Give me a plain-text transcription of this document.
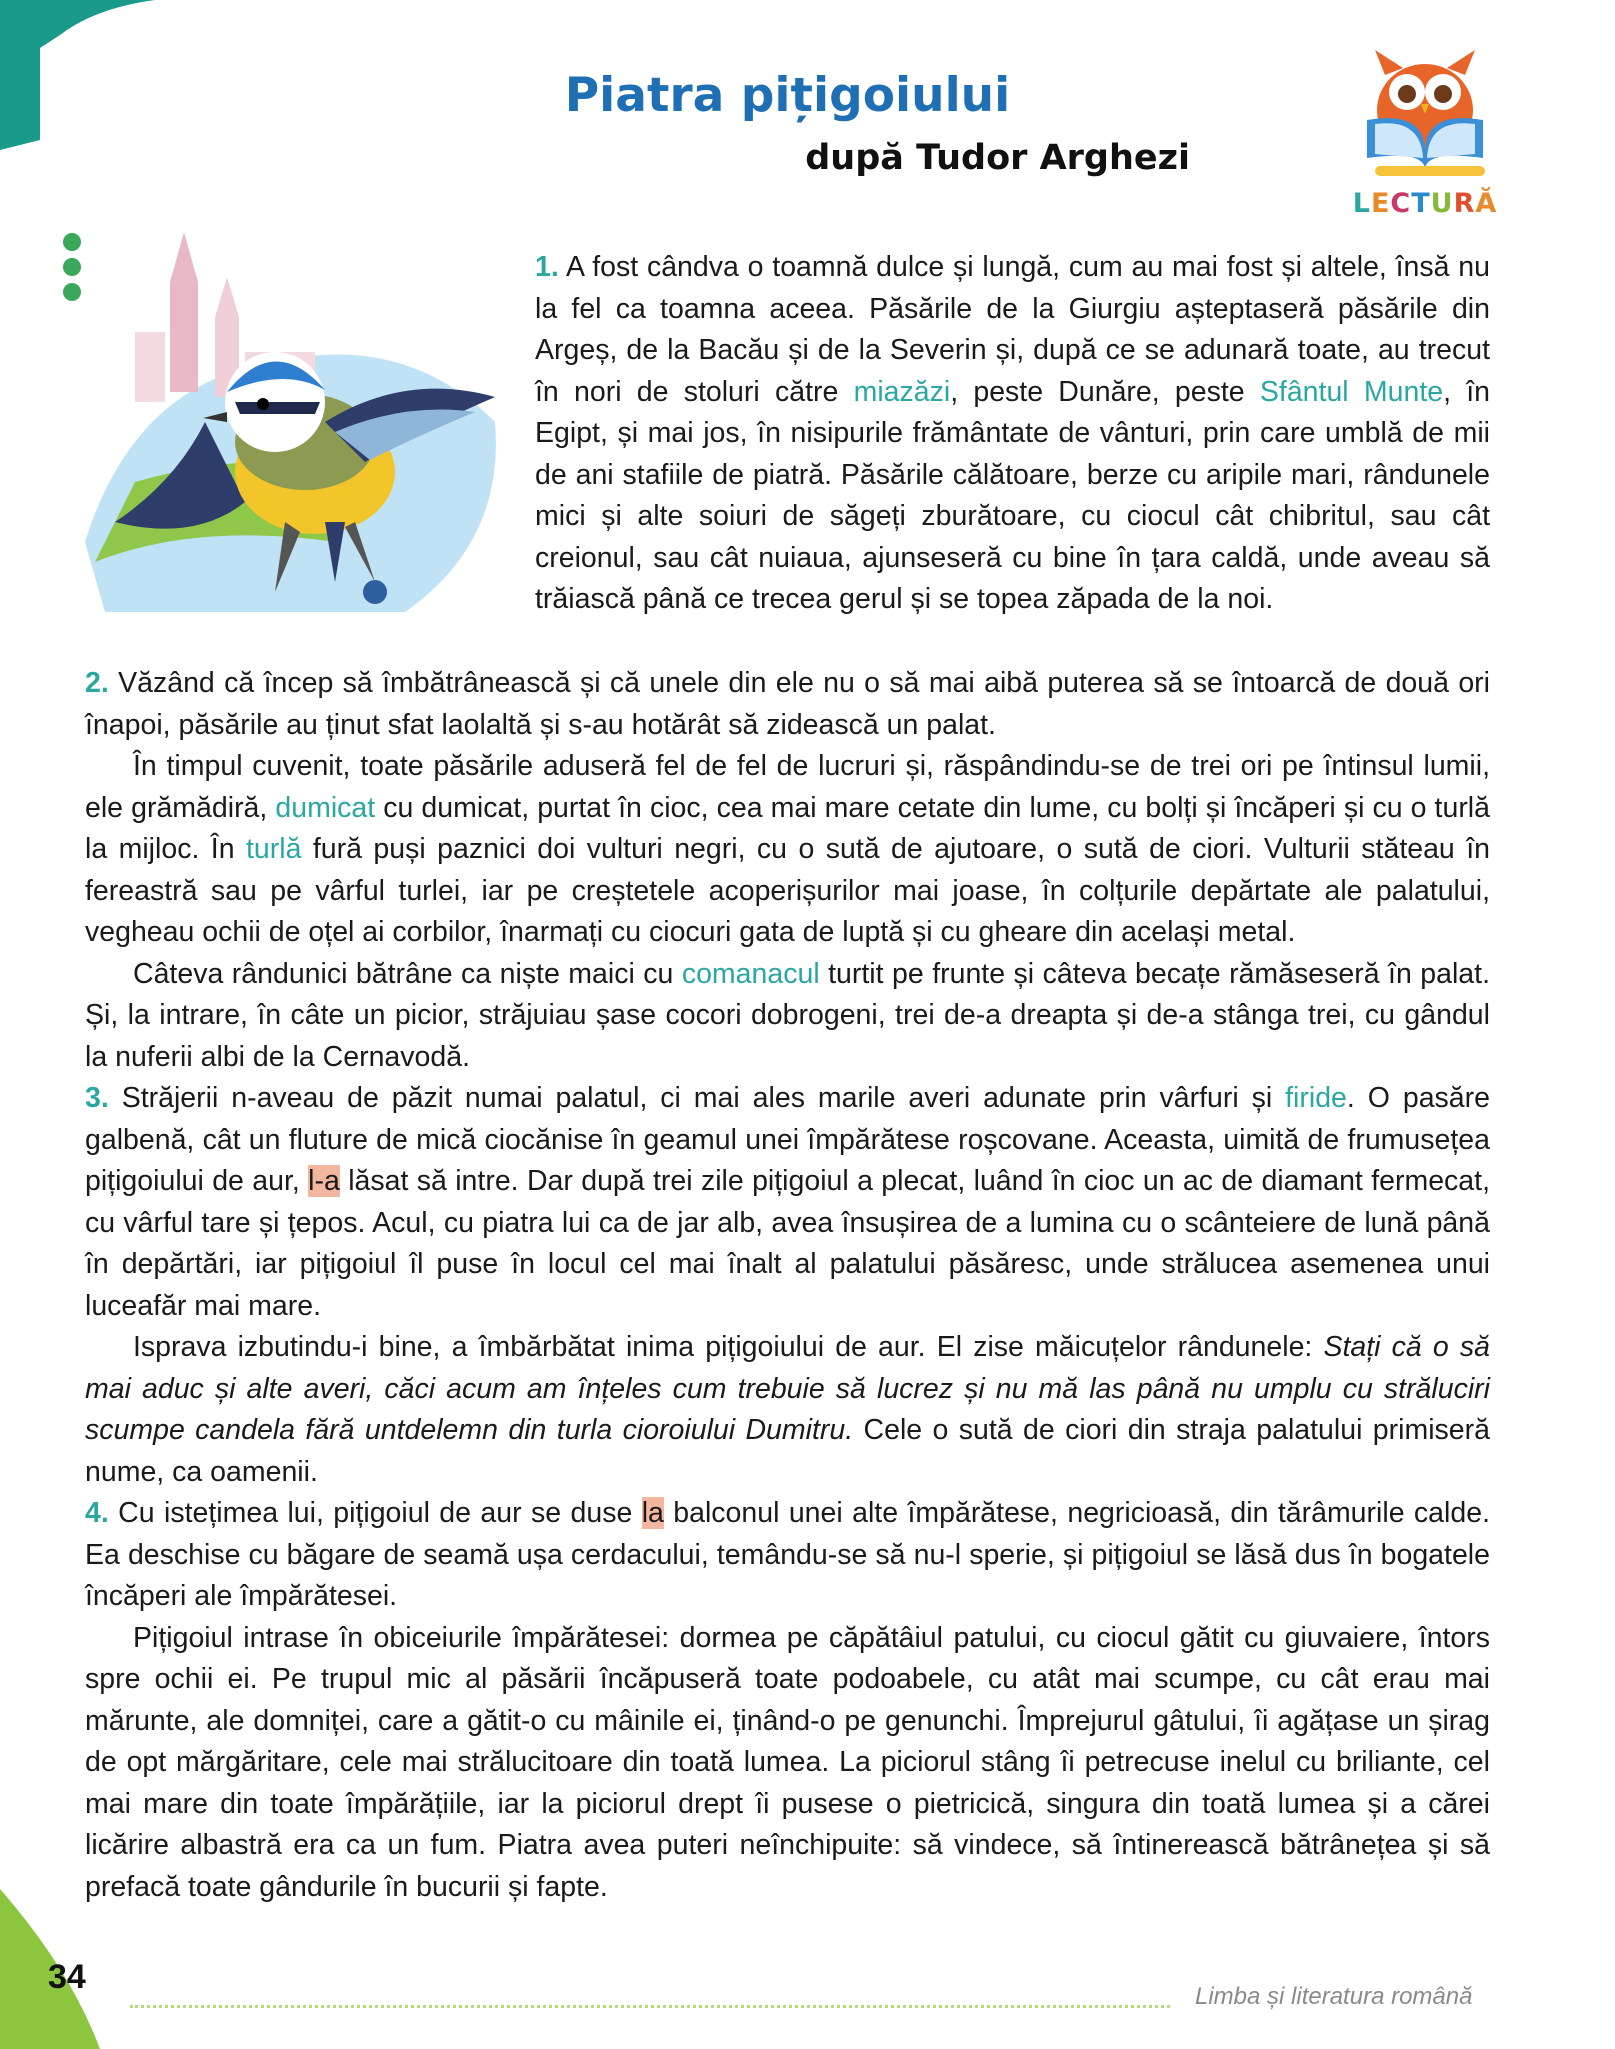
Piatra pițigoiului
după Tudor Arghezi
LECTURĂ
1. A fost cândva o toamnă dulce și lungă, cum au mai fost și altele, însă nu la fel ca toamna aceea. Păsările de la Giurgiu așteptaseră păsările din Argeș, de la Bacău și de la Severin și, după ce se adunară toate, au trecut în nori de stoluri către miazăzi, peste Dunăre, peste Sfântul Munte, în Egipt, și mai jos, în nisipurile frământate de vânturi, prin care umblă de mii de ani stafiile de piatră. Păsările călătoare, berze cu aripile mari, rândunele mici și alte soiuri de săgeți zburătoare, cu ciocul cât chibritul, sau cât creionul, sau cât nuiaua, ajunseseră cu bine în țara caldă, unde aveau să trăiască până ce trecea gerul și se topea zăpada de la noi.

2. Văzând că încep să îmbătrânească și că unele din ele nu o să mai aibă puterea să se întoarcă de două ori înapoi, păsările au ținut sfat laolaltă și s-au hotărât să zidească un palat.

În timpul cuvenit, toate păsările aduseră fel de fel de lucruri și, răspândindu-se de trei ori pe întinsul lumii, ele grămădiră, dumicat cu dumicat, purtat în cioc, cea mai mare cetate din lume, cu bolți și încăperi și cu o turlă la mijloc. În turlă fură puși paznici doi vulturi negri, cu o sută de ajutoare, o sută de ciori. Vulturii stăteau în fereastră sau pe vârful turlei, iar pe creștetele acoperișurilor mai joase, în colțurile depărtate ale palatului, vegheau ochii de oțel ai corbilor, înarmați cu ciocuri gata de luptă și cu gheare din același metal.

Câteva rândunici bătrâne ca niște maici cu comanacul turtit pe frunte și câteva becațe rămăseseră în palat. Și, la intrare, în câte un picior, străjuiau șase cocori dobrogeni, trei de-a dreapta și de-a stânga trei, cu gândul la nuferii albi de la Cernavodă.

3. Străjerii n-aveau de păzit numai palatul, ci mai ales marile averi adunate prin vârfuri și firide. O pasăre galbenă, cât un fluture de mică ciocănise în geamul unei împărătese roșcovane. Aceasta, uimită de frumusețea pițigoiului de aur, l-a lăsat să intre. Dar după trei zile pițigoiul a plecat, luând în cioc un ac de diamant fermecat, cu vârful tare și țepos. Acul, cu piatra lui ca de jar alb, avea însușirea de a lumina cu o scânteiere de lună până în depărtări, iar pițigoiul îl puse în locul cel mai înalt al palatului păsăresc, unde strălucea asemenea unui luceafăr mai mare.

Isprava izbutindu-i bine, a îmbărbătat inima pițigoiului de aur. El zise măicuțelor rândunele: Stați că o să mai aduc și alte averi, căci acum am înțeles cum trebuie să lucrez și nu mă las până nu umplu cu străluciri scumpe candela fără untdelemn din turla cioroiului Dumitru. Cele o sută de ciori din straja palatului primiseră nume, ca oamenii.

4. Cu istețimea lui, pițigoiul de aur se duse la balconul unei alte împărătese, negricioasă, din tărâmurile calde. Ea deschise cu băgare de seamă ușa cerdacului, temându-se să nu-l sperie, și pițigoiul se lăsă dus în bogatele încăperi ale împărătesei.

Pițigoiul intrase în obiceiurile împărătesei: dormea pe căpătâiul patului, cu ciocul gătit cu giuvaiere, întors spre ochii ei. Pe trupul mic al păsării încăpuseră toate podoabele, cu atât mai scumpe, cu cât erau mai mărunte, ale domniței, care a gătit-o cu mâinile ei, ținând-o pe genunchi. Împrejurul gâtului, îi agățase un șirag de opt mărgăritare, cele mai strălucitoare din toată lumea. La piciorul stâng îi petrecuse inelul cu briliante, cel mai mare din toate împărățiile, iar la piciorul drept îi pusese o pietricică, singura din toată lumea și a cărei licărire albastră era ca un fum. Piatra avea puteri neînchipuite: să vindece, să întinerească bătrânețea și să prefacă toate gândurile în bucurii și fapte.

34
Limba și literatura română
